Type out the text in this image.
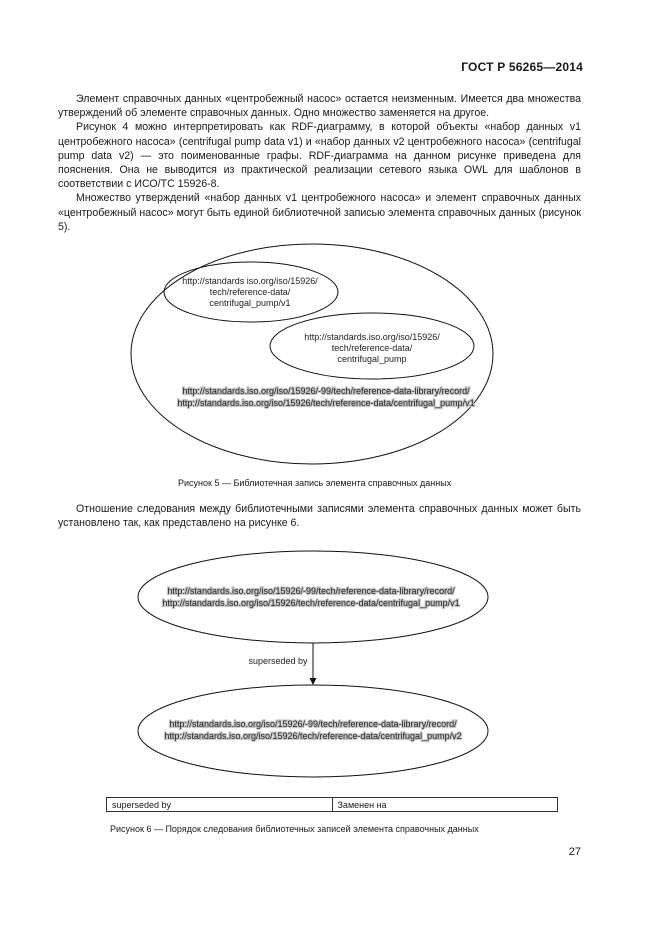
ГОСТ Р 56265—2014

Элемент справочных данных «центробежный насос» остается неизменным. Имеется два множества утверждений об элементе справочных данных. Одно множество заменяется на другое.

Рисунок 4 можно интерпретировать как RDF-диаграмму, в которой объекты «набор данных v1 центробежного насоса» (centrifugal pump data v1) и «набор данных v2 центробежного насоса» (centrifugal pump data v2) — это поименованные графы. RDF-диаграмма на данном рисунке приведена для пояснения. Она не выводится из практической реализации сетевого языка OWL для шаблонов в соответствии с ИСО/ТС 15926-8.

Множество утверждений «набор данных v1 центробежного насоса» и элемент справочных данных «центробежный насос» могут быть единой библиотечной записью элемента справочных данных (рисунок 5).

http://standards iso.org/iso/15926/
tech/reference-data/
centrifugal_pump/v1
http://standards.iso.org/iso/15926/
tech/reference-data/
centrifugal_pump
http://standards.iso.org/iso/15926/-99/tech/reference-data-library/record/
http://standards.iso.org/iso/15926/tech/reference-data/centrifugal_pump/v1
http://standards.iso.org/iso/15926/-99/tech/reference-data-library/record/
http://standards.iso.org/iso/15926/tech/reference-data/centrifugal_pump/v1
superseded by
http://standards.iso.org/iso/15926/-99/tech/reference-data-library/record/
http://standards.iso.org/iso/15926/tech/reference-data/centrifugal_pump/v2
Рисунок 5 — Библиотечная запись элемента справочных данных

Отношение следования между библиотечными записями элемента справочных данных может быть установлено так, как представлено на рисунке 6.

superseded by	Заменен на
Рисунок 6 — Порядок следования библиотечных записей элемента справочных данных
27
